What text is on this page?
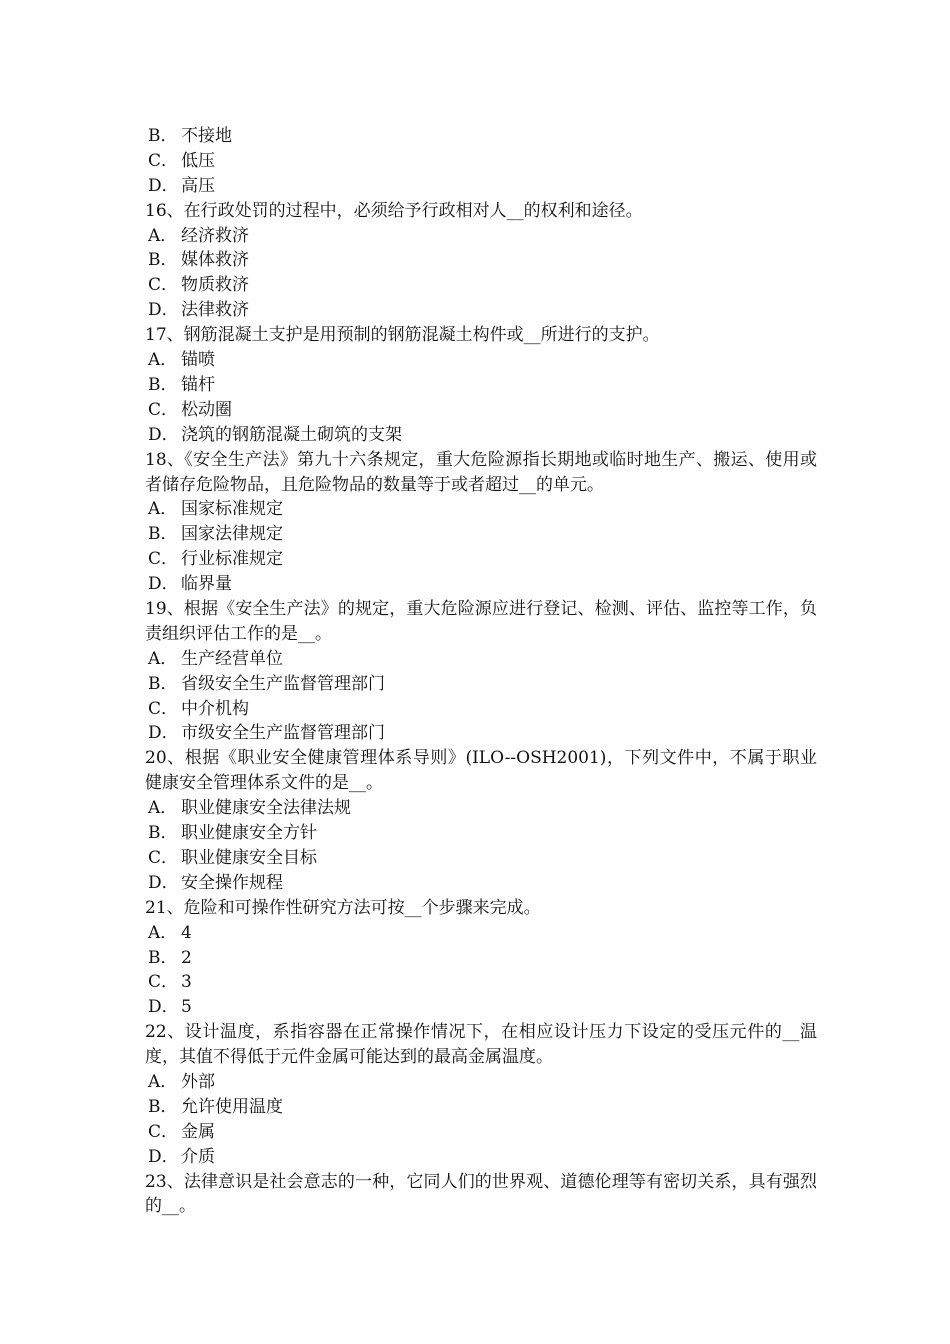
B． 不接地
C． 低压
D． 高压
16、在行政处罚的过程中，必须给予行政相对人__的权利和途径。
A． 经济救济
B． 媒体救济
C． 物质救济
D． 法律救济
17、钢筋混凝土支护是用预制的钢筋混凝土构件或__所进行的支护。
A． 锚喷
B． 锚杆
C． 松动圈
D． 浇筑的钢筋混凝土砌筑的支架
18、《安全生产法》第九十六条规定，重大危险源指长期地或临时地生产、搬运、使用或者储存危险物品，且危险物品的数量等于或者超过__的单元。
A． 国家标准规定
B． 国家法律规定
C． 行业标准规定
D． 临界量
19、根据《安全生产法》的规定，重大危险源应进行登记、检测、评估、监控等工作，负责组织评估工作的是__。
A． 生产经营单位
B． 省级安全生产监督管理部门
C． 中介机构
D． 市级安全生产监督管理部门
20、根据《职业安全健康管理体系导则》(ILO--OSH2001)，下列文件中，不属于职业健康安全管理体系文件的是__。
A． 职业健康安全法律法规
B． 职业健康安全方针
C． 职业健康安全目标
D． 安全操作规程
21、危险和可操作性研究方法可按__个步骤来完成。
A． 4
B． 2
C． 3
D． 5
22、设计温度，系指容器在正常操作情况下，在相应设计压力下设定的受压元件的__温度，其值不得低于元件金属可能达到的最高金属温度。
A． 外部
B． 允许使用温度
C． 金属
D． 介质
23、法律意识是社会意志的一种，它同人们的世界观、道德伦理等有密切关系，具有强烈的__。
